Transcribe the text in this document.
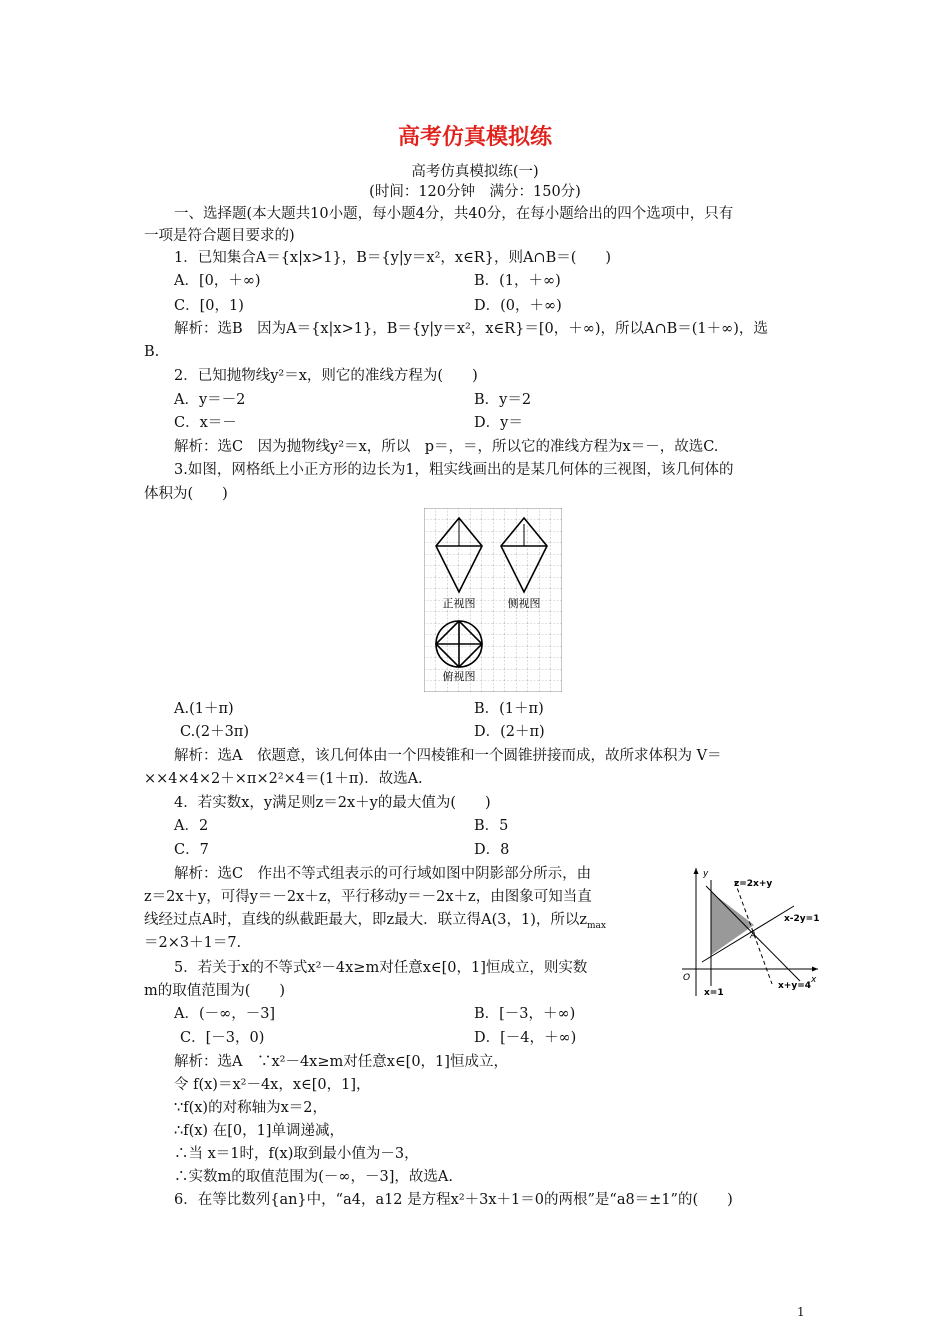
高考仿真模拟练
高考仿真模拟练(一)
(时间：120分钟　满分：150分)
一、选择题(本大题共10小题，每小题4分，共40分，在每小题给出的四个选项中，只有
一项是符合题目要求的)
1．已知集合A＝{x|x>1}，B＝{y|y＝x²，x∈R}，则A∩B＝(　　)
A．[0，＋∞)	B．(1，＋∞)
C．[0，1)	D．(0，＋∞)
解析：选B　因为A＝{x|x>1}，B＝{y|y＝x²，x∈R}＝[0，＋∞)，所以A∩B＝(1＋∞)，选
B.
2．已知抛物线y²＝x，则它的准线方程为(　　)
A．y＝－2	B．y＝2
C．x＝－	D．y＝
解析：选C　因为抛物线y²＝x，所以　p＝，＝，所以它的准线方程为x＝－，故选C.
3.如图，网格纸上小正方形的边长为1，粗实线画出的是某几何体的三视图，该几何体的
体积为(　　)
正视图	侧视图
俯视图
A.(1＋π)	B．(1＋π)
C.(2＋3π)	D．(2＋π)
解析：选A　依题意，该几何体由一个四棱锥和一个圆锥拼接而成，故所求体积为 V＝
××4×4×2＋×π×2²×4＝(1＋π)．故选A.
4．若实数x，y满足则z＝2x＋y的最大值为(　　)
A．2	B．5
C．7	D．8
解析：选C　作出不等式组表示的可行域如图中阴影部分所示，由
z＝2x＋y，可得y＝－2x＋z，平行移动y＝－2x＋z，由图象可知当直
线经过点A时，直线的纵截距最大，即z最大．联立得A(3，1)，所以$z_{max}$
＝2×3＋1＝7.
y
x
O
x=1
x+y=4
x-2y=1
z=2x+y
A
5．若关于x的不等式x²－4x≥m对任意x∈[0，1]恒成立，则实数
m的取值范围为(　　)
A．(－∞，－3]	B．[－3，＋∞)
C．[－3，0)	D．[－4，＋∞)
解析：选A　∵x²－4x≥m对任意x∈[0，1]恒成立，
令 f(x)＝x²－4x，x∈[0，1]，
∵f(x)的对称轴为x＝2，
∴f(x) 在[0，1]单调递减，
∴当 x＝1时，f(x)取到最小值为－3，
∴实数m的取值范围为(－∞，－3]，故选A.
6．在等比数列{an}中，“a4，a12 是方程x²＋3x＋1＝0的两根”是“a8＝±1”的(　　)
1
